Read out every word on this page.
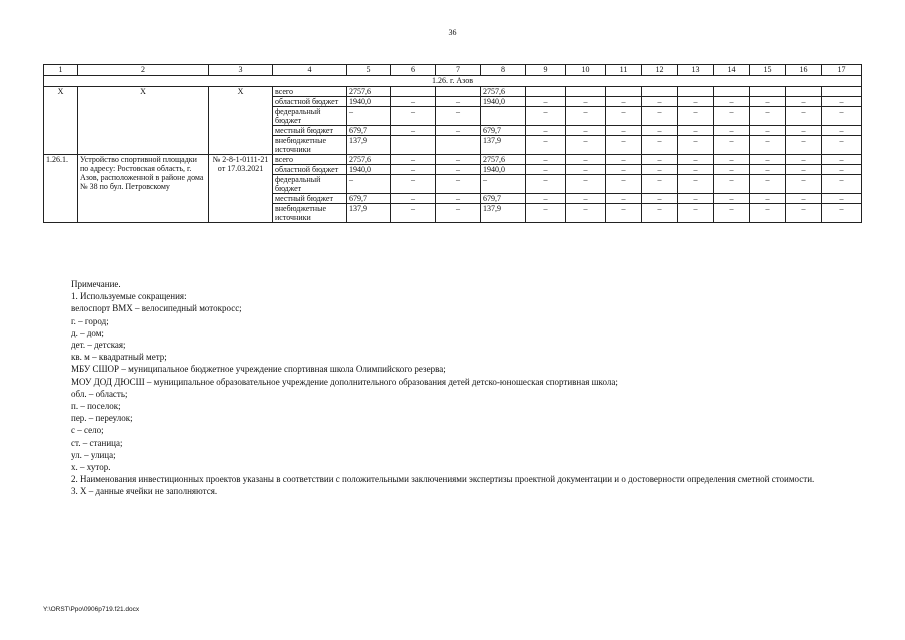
36
1	2	3	4	5	6	7	8	9	10	11	12	13	14	15	16	17
1.26. г. Азов																
X	X	X	всего	2757,6			2757,6									
			областной бюджет	1940,0	–	–	1940,0	–	–	–	–	–	–	–	–	–
			федеральный бюджет	–	–	–		–	–	–	–	–	–	–	–	–
			местный бюджет	679,7	–	–	679,7	–	–	–	–	–	–	–	–	–
			внебюджетные источники	137,9			137,9	–	–	–	–	–	–	–	–	–
1.26.1.	Устройство спортивной площадки по адресу: Ростовская область, г. Азов, расположенной в районе дома № 38 по бул. Петровскому	№ 2-8-1-0111-21 от 17.03.2021	всего	2757,6	–	–	2757,6	–	–	–	–	–	–	–	–	–
			областной бюджет	1940,0	–	–	1940,0	–	–	–	–	–	–	–	–	–
			федеральный бюджет	–	–	–	–	–	–	–	–	–	–	–	–	–
			местный бюджет	679,7	–	–	679,7	–	–	–	–	–	–	–	–	–
			внебюджетные источники	137,9	–	–	137,9	–	–	–	–	–	–	–	–	–
Примечание.
1. Используемые сокращения:
велоспорт ВМХ – велосипедный мотокросс;
г. – город;
д. – дом;
дет. – детская;
кв. м – квадратный метр;
МБУ СШОР – муниципальное бюджетное учреждение спортивная школа Олимпийского резерва;
МОУ ДОД ДЮСШ – муниципальное образовательное учреждение дополнительного образования детей детско-юношеская спортивная школа;
обл. – область;
п. – поселок;
пер. – переулок;
с – село;
ст. – станица;
ул. – улица;
х. – хутор.
2. Наименования инвестиционных проектов указаны в соответствии с положительными заключениями экспертизы проектной документации и о достоверности определения сметной стоимости.
3. Х – данные ячейки не заполняются.
Y:\ORST\Ppo\0906p719.f21.docx
